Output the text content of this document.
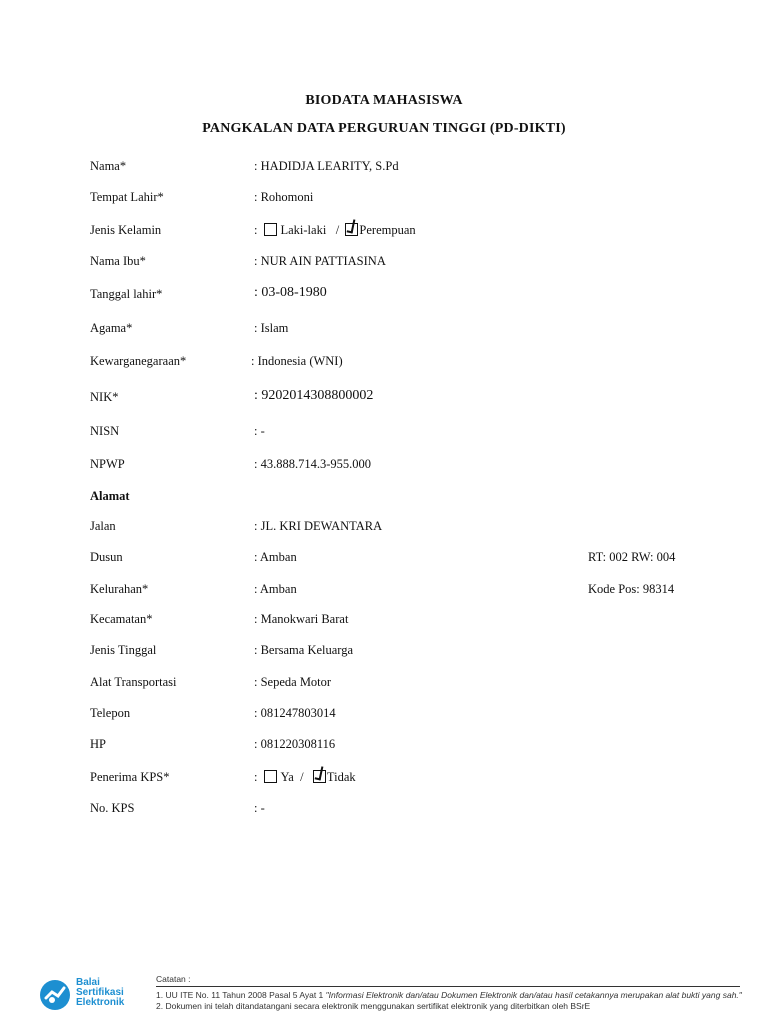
BIODATA MAHASISWA
PANGKALAN DATA PERGURUAN TINGGI (PD-DIKTI)
Nama*	: HADIDJA LEARITY, S.Pd
Tempat Lahir*	: Rohomoni
Jenis Kelamin	: Laki-laki / Perempuan
Nama Ibu*	: NUR AIN PATTIASINA
Tanggal lahir*	: 03-08-1980
Agama*	: Islam
Kewarganegaraan*	: Indonesia (WNI)
NIK*	: 9202014308800002
NISN	: -
NPWP	: 43.888.714.3-955.000
Alamat
Jalan	: JL. KRI DEWANTARA
Dusun	: Amban	RT: 002 RW: 004
Kelurahan*	: Amban	Kode Pos: 98314
Kecamatan*	: Manokwari Barat
Jenis Tinggal	: Bersama Keluarga
Alat Transportasi	: Sepeda Motor
Telepon	: 081247803014
HP	: 081220308116
Penerima KPS*	: Ya / Tidak
No. KPS	: -
Balai
Sertifikasi
Elektronik
Catatan :
1. UU ITE No. 11 Tahun 2008 Pasal 5 Ayat 1 "Informasi Elektronik dan/atau Dokumen Elektronik dan/atau hasil cetakannya merupakan alat bukti yang sah."
2. Dokumen ini telah ditandatangani secara elektronik menggunakan sertifikat elektronik yang diterbitkan oleh BSrE
